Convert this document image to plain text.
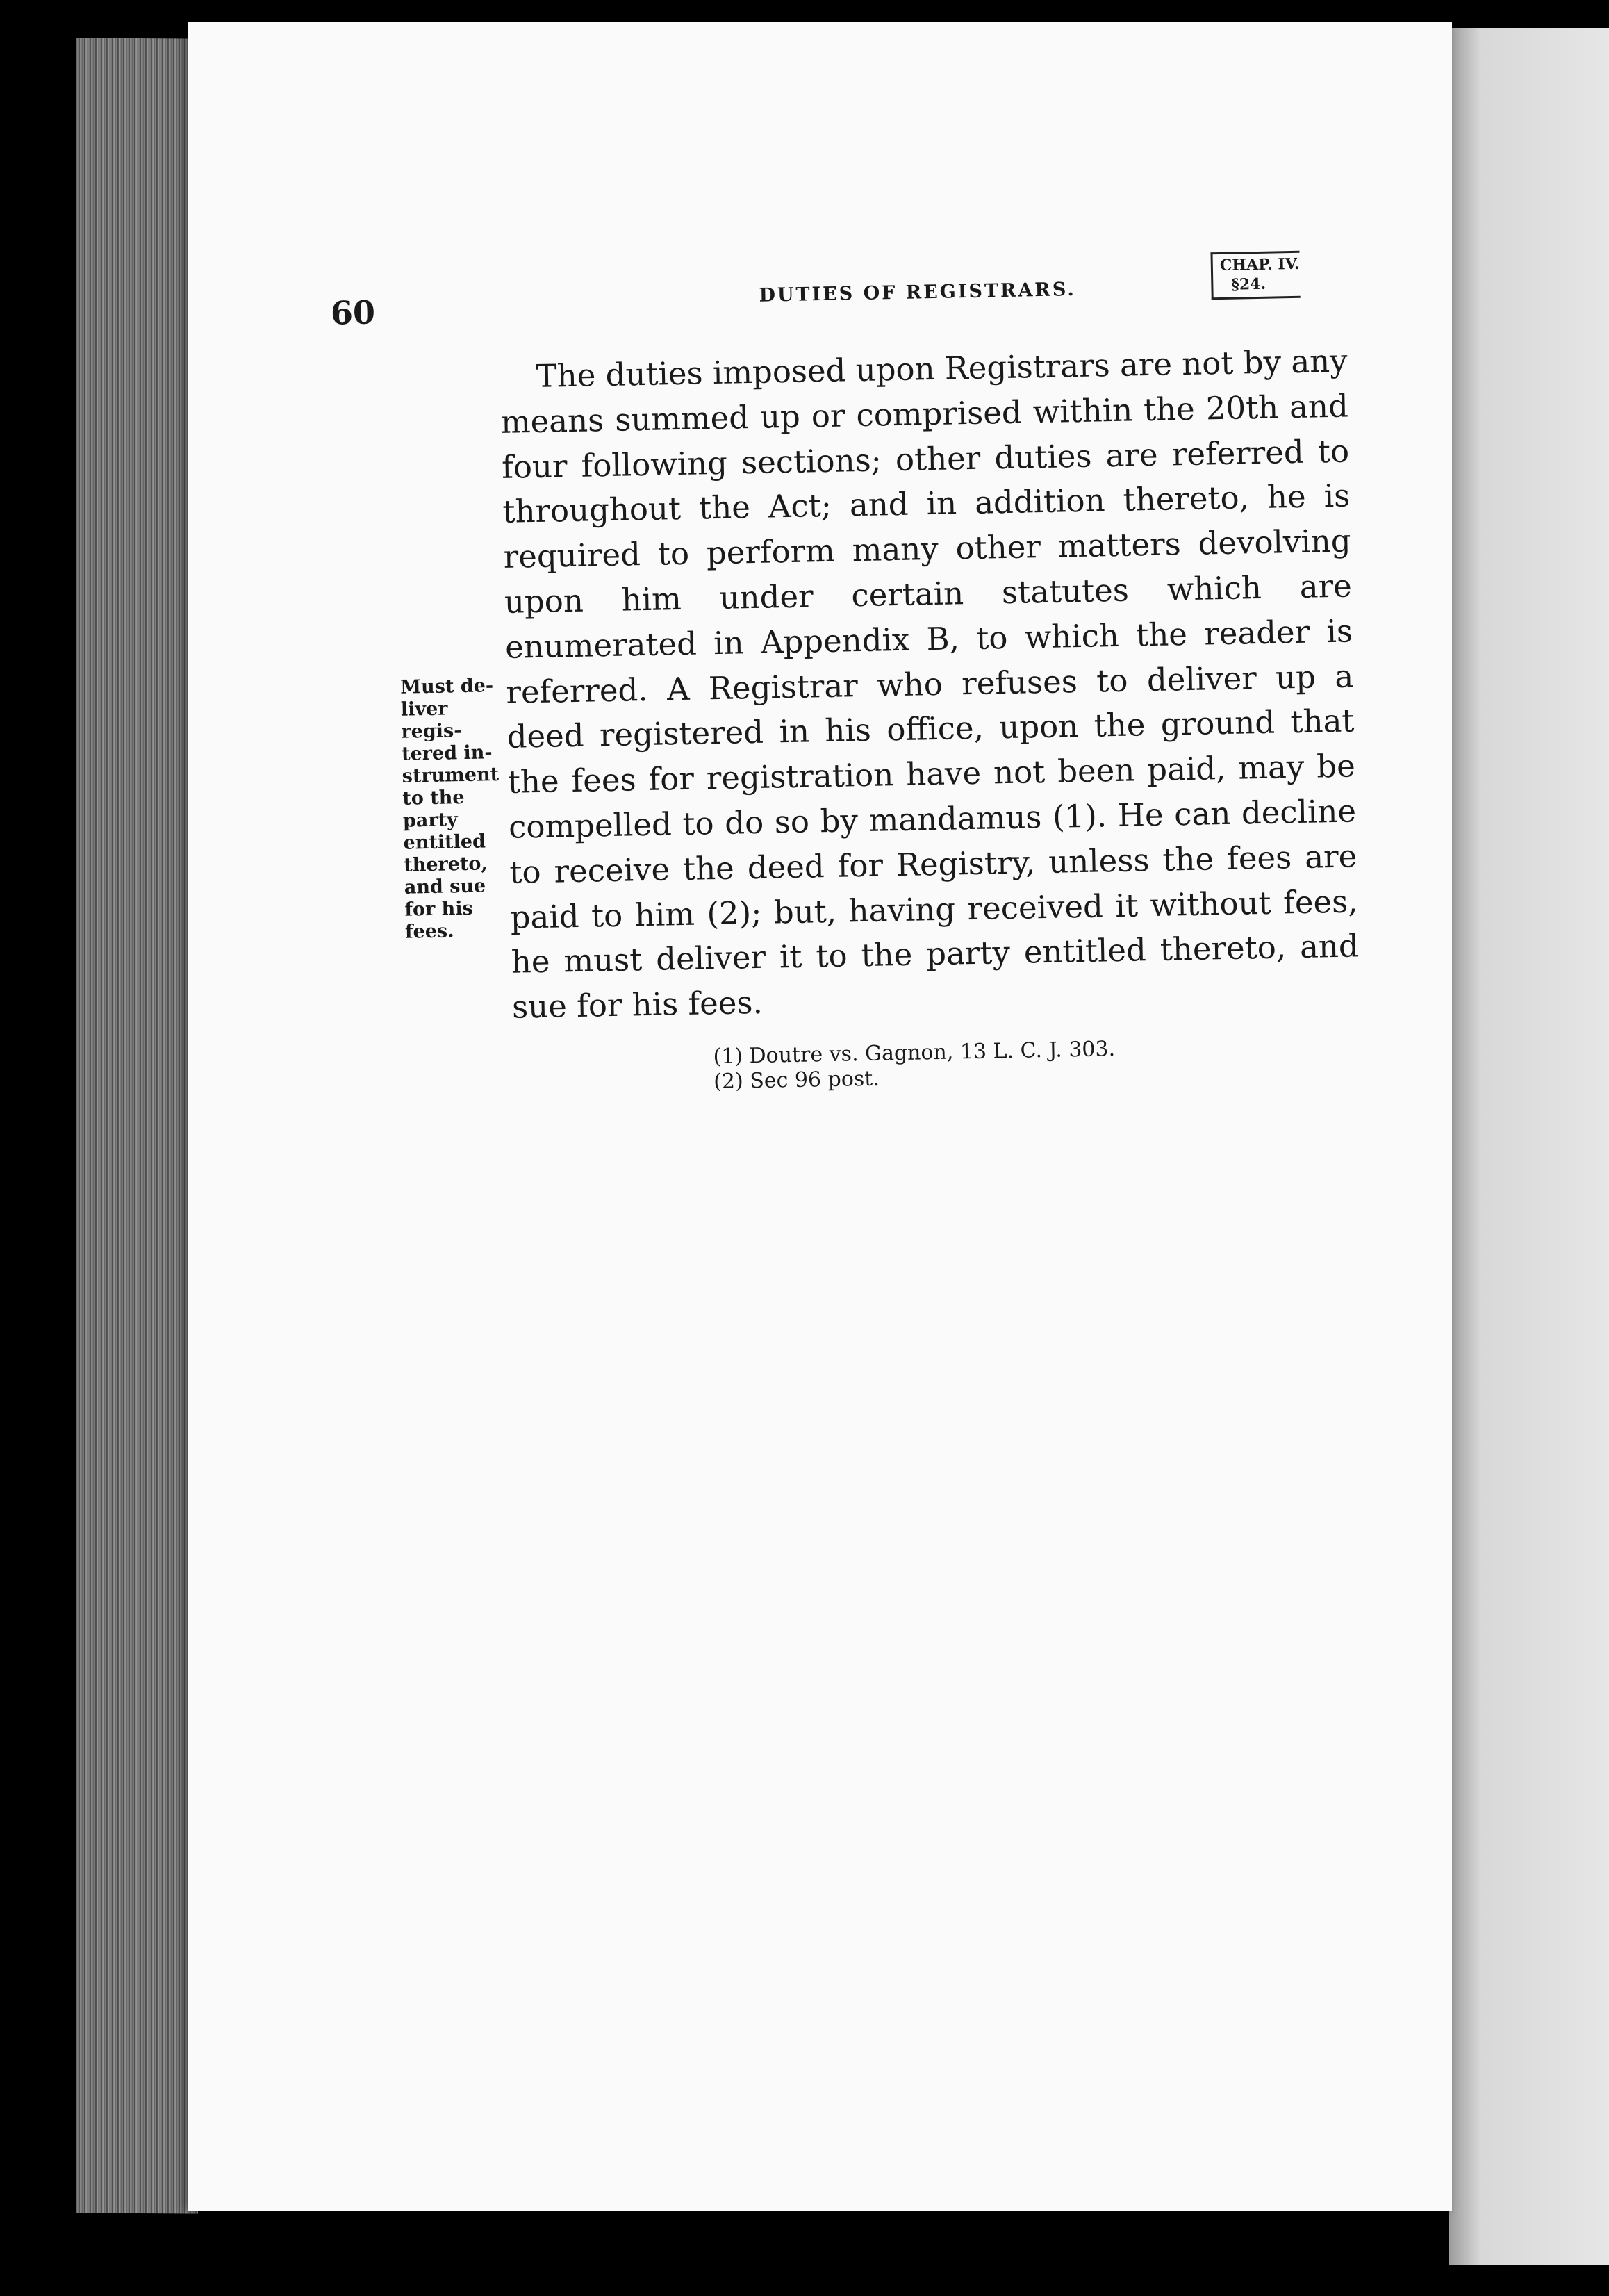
60
DUTIES OF REGISTRARS.
CHAP. IV.
§24.

The duties imposed upon Registrars are not by any means summed up or comprised within the 20th and four following sections; other duties are referred to throughout the Act; and in addition thereto, he is required to perform many other matters devolving upon him under certain statutes which are enumerated in Appendix B, to which the reader is referred. A Registrar who refuses to deliver up a deed registered in his office, upon the ground that the fees for registration have not been paid, may be compelled to do so by mandamus (1). He can decline to receive the deed for Registry, unless the fees are paid to him (2); but, having received it without fees, he must deliver it to the party entitled thereto, and sue for his fees.

Must de-
liver regis-
tered in-
strument
to the
party
entitled
thereto,
and sue
for his
fees.
(1) Doutre vs. Gagnon, 13 L. C. J. 303.
(2) Sec 96 post.
